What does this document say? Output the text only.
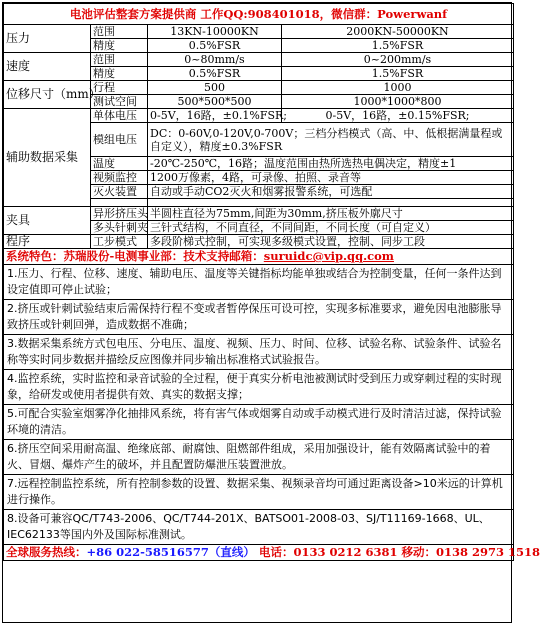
电池评估整套方案提供商 工作QQ:908401018，微信群：Powerwanf			
压力	范围	13KN-10000KN	2000KN-50000KN
	精度	0.5%FSR	1.5%FSR
速度	范围	0~80mm/s	0~200mm/s
	精度	0.5%FSR	1.5%FSR
位移尺寸（mm）	行程	500	1000
	测试空间	500*500*500	1000*1000*800
辅助数据采集	单体电压	0-5V，16路，±0.1%FSR;	0-5V，16路，±0.15%FSR;
	模组电压	DC：0-60V,0-120V,0-700V；三档分档模式（高、中、低根据满量程或自定义），精度±0.3%FSR	
	温度	-20℃-250℃，16路；温度范围由热所选热电偶决定，精度±1	
	视频监控	1200万像素，4路，可录像、拍照、录音等	
	灭火装置	自动或手动CO2灭火和烟雾报警系统，可选配	

夹具	异形挤压头	半圆柱直径为75mm,间距为30mm,挤压板外廓尺寸	
	多头针刺夹	三针式结构，不同直径，不同间距，不同长度（可自定义）	
程序	工步模式	多段阶梯式控制，可实现多级模式设置，控制、同步工段	
系统特色：苏瑞股份-电测事业部：技术支持邮箱：suruidc@vip.qq.com			
1.压力、行程、位移、速度、辅助电压、温度等关键指标均能单独或结合为控制变量，任何一条件达到设定值即可停止试验；			
2.挤压或针刺试验结束后需保持行程不变或者暂停保压可设可控，实现多标准要求，避免因电池膨胀导致挤压或针刺回弹，造成数据不准确；			
3.数据采集系统方式包电压、分电压、温度、视频、压力、时间、位移、试验名称、试验条件、试验名称等实时同步数据并描绘反应图像并同步输出标准格式试验报告。			
4.监控系统，实时监控和录音试验的全过程，便于真实分析电池被测试时受到压力或穿刺过程的实时现象，给研发或使用者提供有效、真实的数据支撑；			
5.可配合实验室烟雾净化抽排风系统，将有害气体或烟雾自动或手动模式进行及时清洁过滤，保持试验环境的清洁。			
6.挤压空间采用耐高温、绝缘底部、耐腐蚀、阻燃部件组成，采用加强设计，能有效隔离试验中的着火、冒烟、爆炸产生的破坏，并且配置防爆泄压装置泄放。			
7.远程控制监控系统，所有控制参数的设置、数据采集、视频录音均可通过距离设备>10米远的计算机进行操作。			
8.设备可兼容QC/T743-2006、QC/T744-201X、BATSO01-2008-03、SJ/T11169-1668、UL、IEC62133等国内外及国际标准测试。			
全球服务热线：+86 022-58516577（直线） 电话：0133 0212 6381 移动：0138 2973 1518			
